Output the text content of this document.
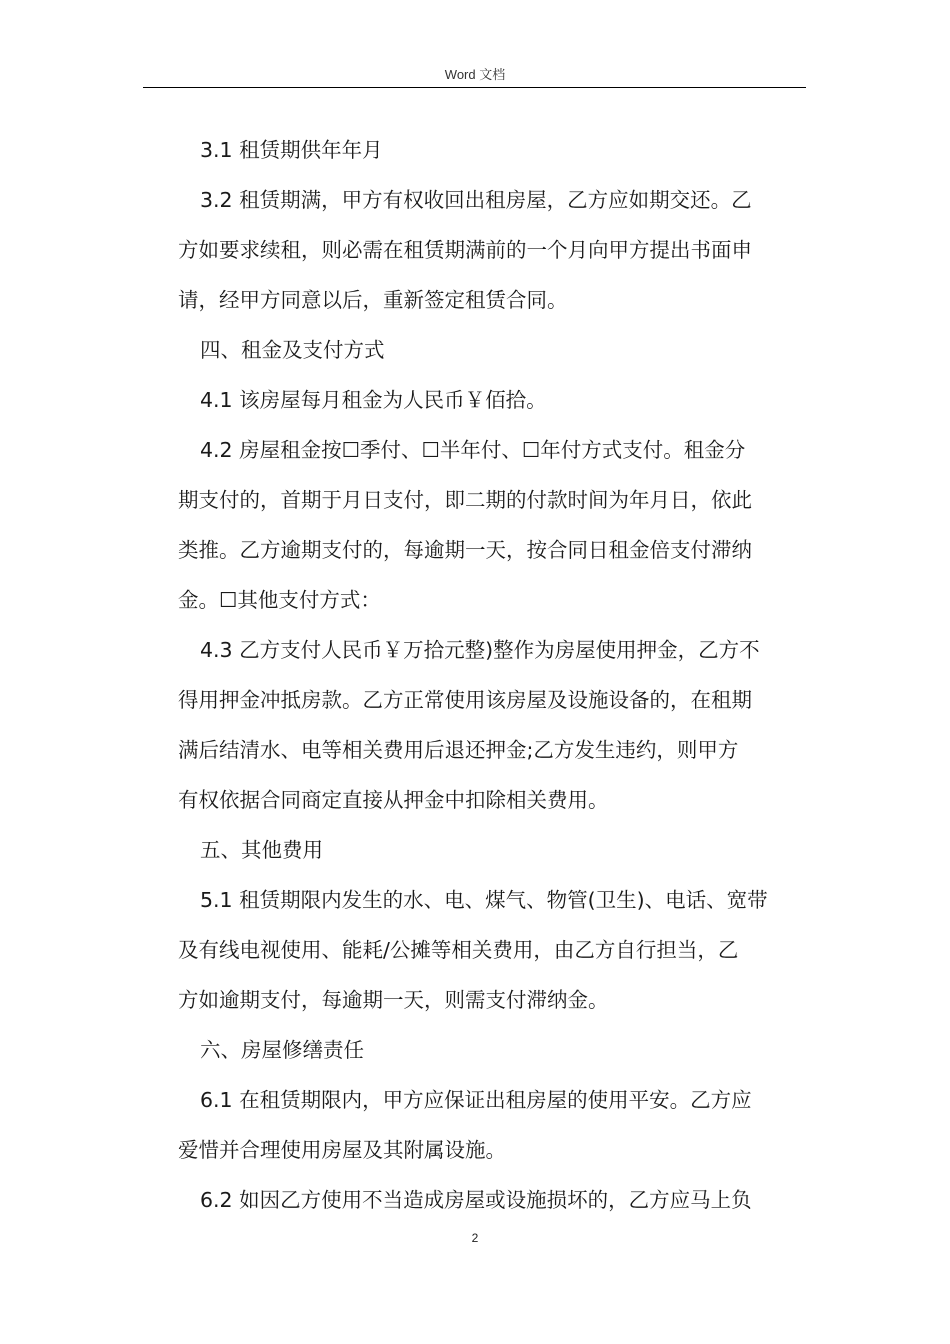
Word 文档

3.1 租赁期供年年月

3.2 租赁期满，甲方有权收回出租房屋，乙方应如期交还。乙

方如要求续租，则必需在租赁期满前的一个月向甲方提出书面申

请，经甲方同意以后，重新签定租赁合同。

四、租金及支付方式

4.1 该房屋每月租金为人民币￥佰拾。

4.2 房屋租金按☐季付、☐半年付、☐年付方式支付。租金分

期支付的，首期于月日支付，即二期的付款时间为年月日，依此

类推。乙方逾期支付的，每逾期一天，按合同日租金倍支付滞纳

金。☐其他支付方式：

4.3 乙方支付人民币￥万拾元整)整作为房屋使用押金，乙方不

得用押金冲抵房款。乙方正常使用该房屋及设施设备的，在租期

满后结清水、电等相关费用后退还押金;乙方发生违约，则甲方

有权依据合同商定直接从押金中扣除相关费用。

五、其他费用

5.1 租赁期限内发生的水、电、煤气、物管(卫生)、电话、宽带

及有线电视使用、能耗/公摊等相关费用，由乙方自行担当，乙

方如逾期支付，每逾期一天，则需支付滞纳金。

六、房屋修缮责任

6.1 在租赁期限内，甲方应保证出租房屋的使用平安。乙方应

爱惜并合理使用房屋及其附属设施。

6.2 如因乙方使用不当造成房屋或设施损坏的，乙方应马上负

2
